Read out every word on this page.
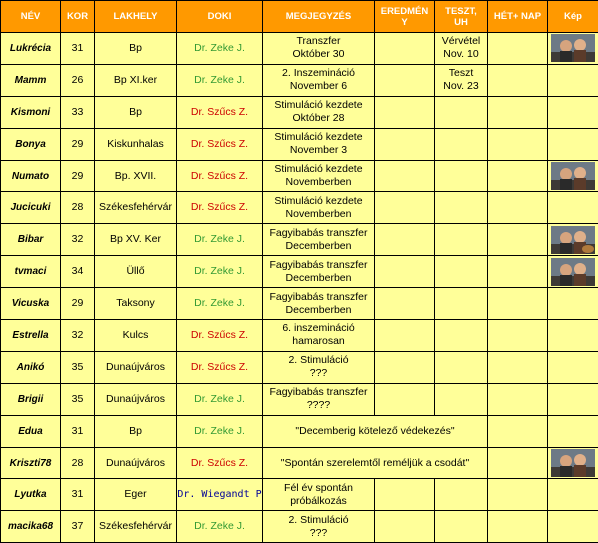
NÉV	KOR	LAKHELY	DOKI	MEGJEGYZÉS	EREDMÉN
Y	TESZT,
UH	HÉT+ NAP	Kép
Lukrécia	31	Bp	Dr. Zeke J.	Transzfer
Október 30		Vérvétel
Nov. 10

Mamm	26	Bp XI.ker	Dr. Zeke J.	2. Inszemináció
November 6		Teszt
Nov. 23		

Kismoni	33	Bp	Dr. Szűcs Z.	Stimuláció kezdete
Október 28				

Bonya	29	Kiskunhalas	Dr. Szűcs Z.	Stimuláció kezdete
November 3				

Numato	29	Bp. XVII.	Dr. Szűcs Z.	Stimuláció kezdete
Novemberben

Jucicuki	28	Székesfehérvár	Dr. Szűcs Z.	Stimuláció kezdete
Novemberben				

Bibar	32	Bp XV. Ker	Dr. Zeke J.	Fagyibabás transzfer
Decemberben

tvmaci	34	Üllő	Dr. Zeke J.	Fagyibabás transzfer
Decemberben

Vicuska	29	Taksony	Dr. Zeke J.	Fagyibabás transzfer
Decemberben				

Estrella	32	Kulcs	Dr. Szűcs Z.	6. inszemináció
hamarosan				

Anikó	35	Dunaújváros	Dr. Szűcs Z.	2. Stimuláció
???				

Brigii	35	Dunaújváros	Dr. Zeke J.	Fagyibabás transzfer
????				

Edua	31	Bp	Dr. Zeke J.	"Decemberig kötelező védekezés"				
Kriszti78	28	Dunaújváros	Dr. Szűcs Z.	"Spontán szerelemtől reméljük a csodát"		

Lyutka	31	Eger	Dr. Wiegandt P	Fél év spontán
próbálkozás				

macika68	37	Székesfehérvár	Dr. Zeke J.	2. Stimuláció
???				
